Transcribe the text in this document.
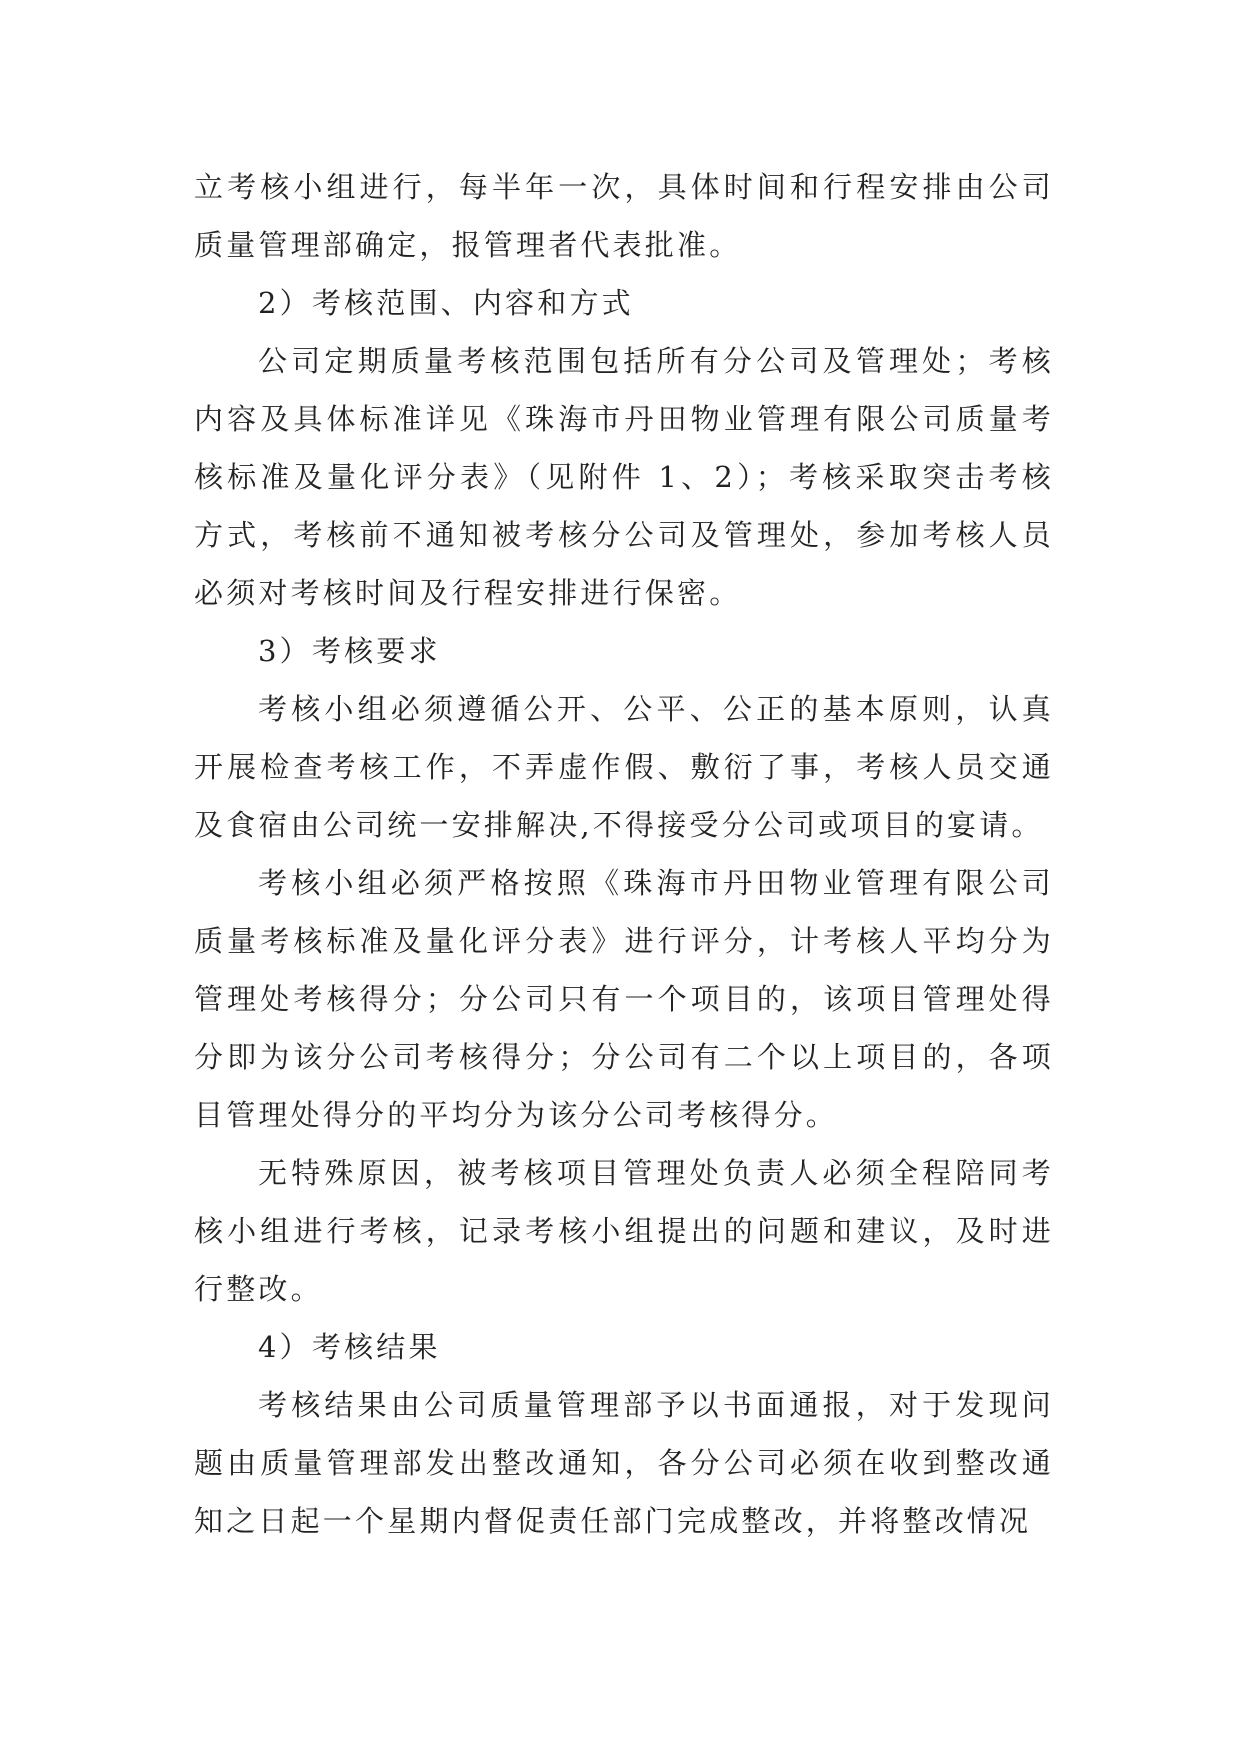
立考核小组进行，每半年一次，具体时间和行程安排由公司质量管理部确定，报管理者代表批准。

2）考核范围、内容和方式

公司定期质量考核范围包括所有分公司及管理处；考核内容及具体标准详见《珠海市丹田物业管理有限公司质量考核标准及量化评分表》（见附件 1、2）；考核采取突击考核方式，考核前不通知被考核分公司及管理处，参加考核人员必须对考核时间及行程安排进行保密。

3）考核要求

考核小组必须遵循公开、公平、公正的基本原则，认真开展检查考核工作，不弄虚作假、敷衍了事，考核人员交通及食宿由公司统一安排解决,不得接受分公司或项目的宴请。

考核小组必须严格按照《珠海市丹田物业管理有限公司质量考核标准及量化评分表》进行评分，计考核人平均分为管理处考核得分；分公司只有一个项目的，该项目管理处得分即为该分公司考核得分；分公司有二个以上项目的，各项目管理处得分的平均分为该分公司考核得分。

无特殊原因，被考核项目管理处负责人必须全程陪同考核小组进行考核，记录考核小组提出的问题和建议，及时进行整改。

4）考核结果

考核结果由公司质量管理部予以书面通报，对于发现问题由质量管理部发出整改通知，各分公司必须在收到整改通知之日起一个星期内督促责任部门完成整改，并将整改情况
